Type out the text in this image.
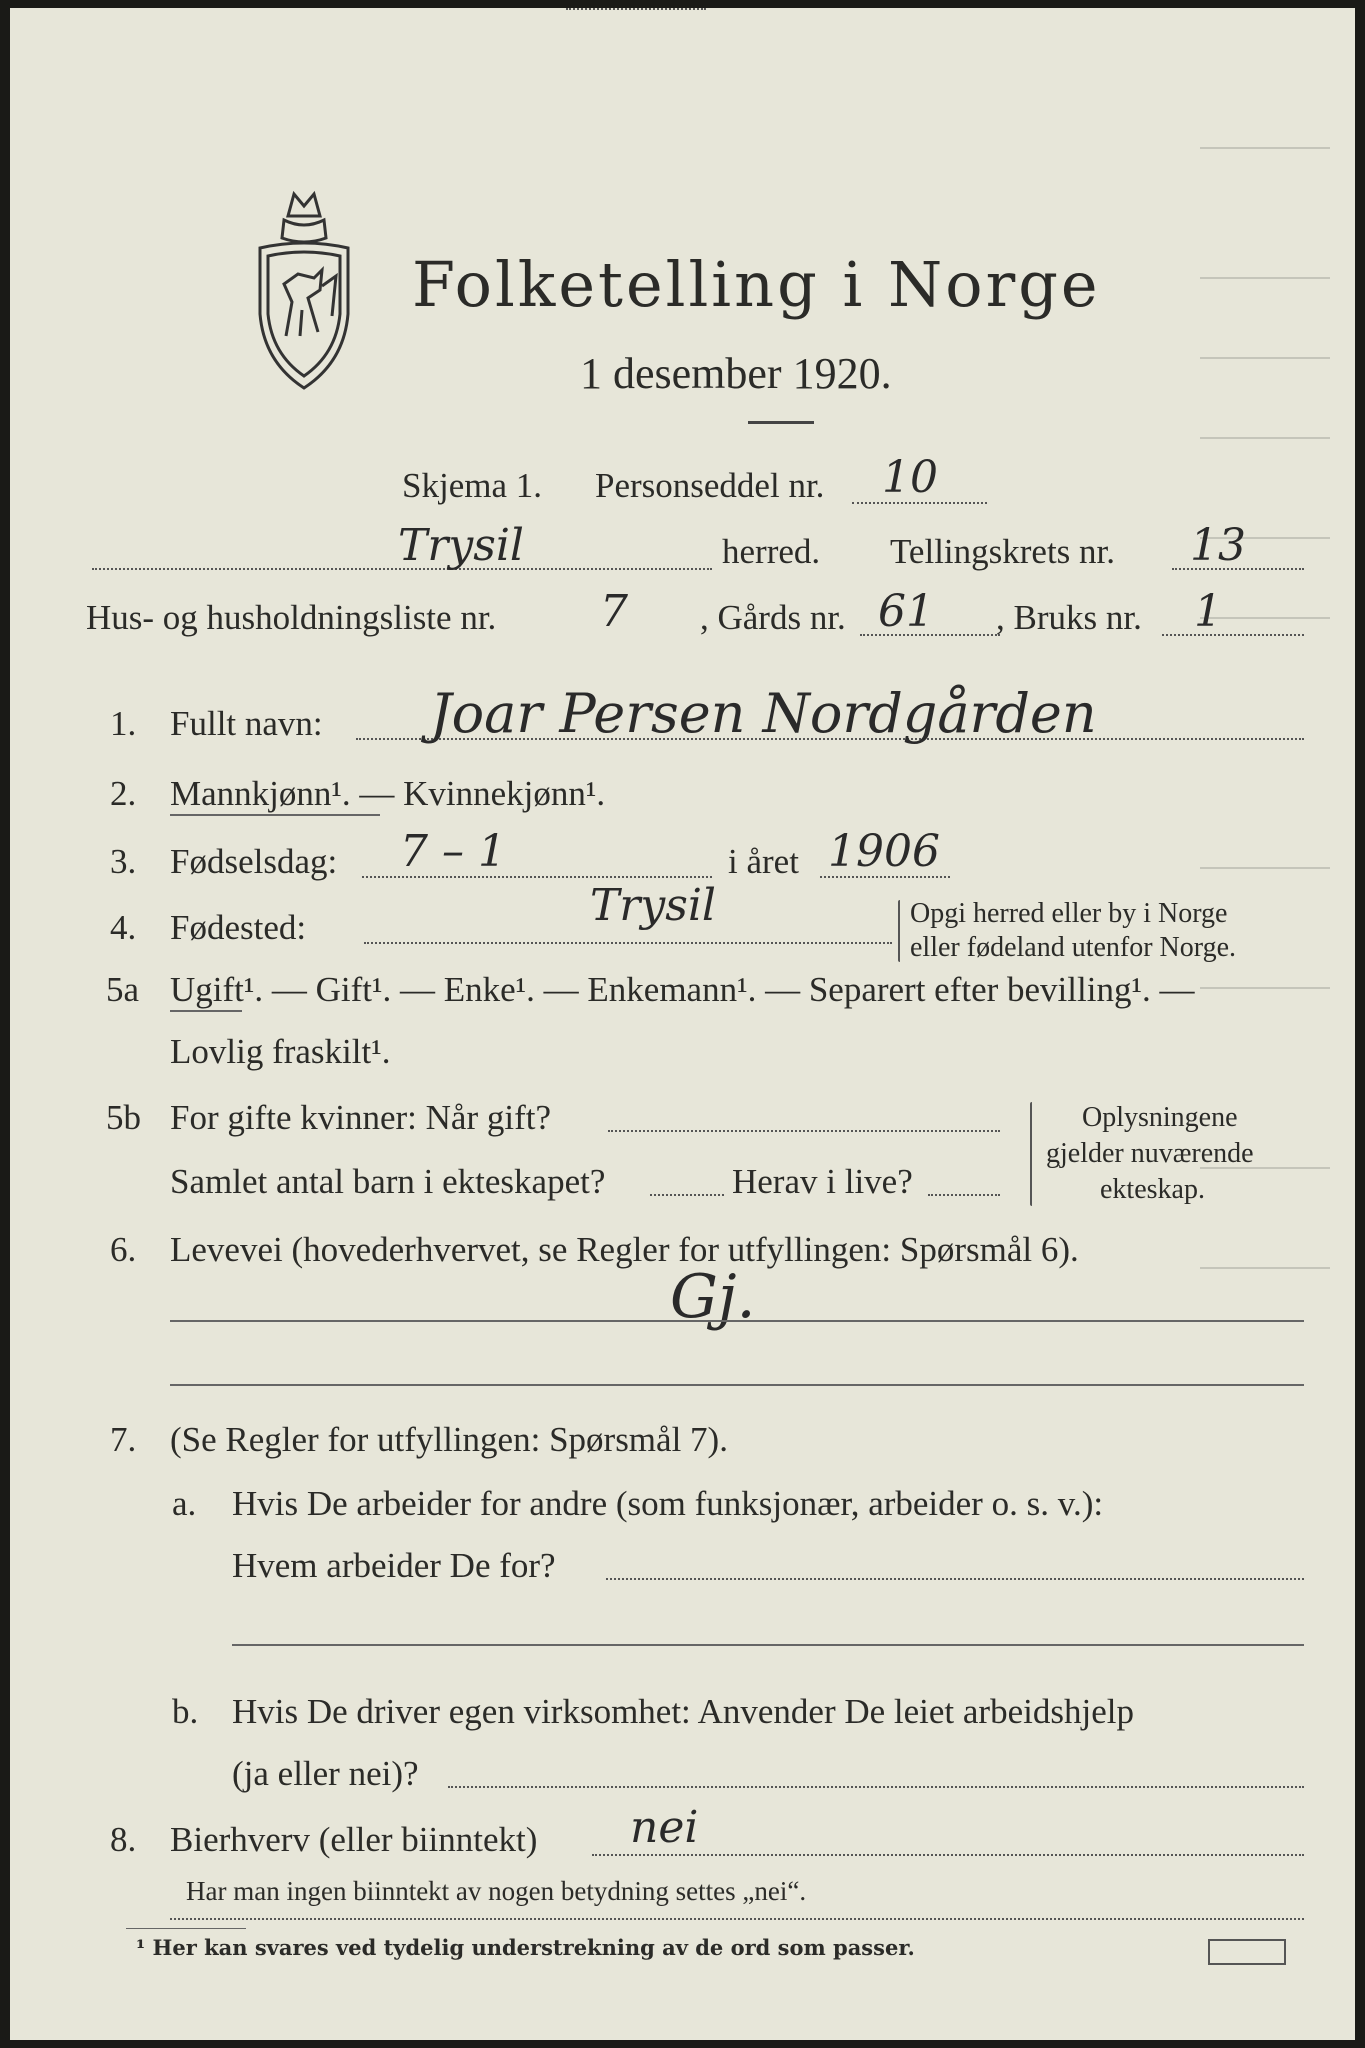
Folketelling i Norge
1 desember 1920.
Skjema 1. Personseddel nr. 10
Trysil	herred. Tellingskrets nr. 13
Hus- og husholdningsliste nr. 7 , Gårds nr. 61 , Bruks nr. 1
1. Fullt navn: Joar Persen Nordgården
2. Mannkjønn¹. — Kvinnekjønn¹.
3. Fødselsdag: 7 – 1	i året 1906
4. Fødested:	Trysil	Opgi herred eller by i Norge
eller fødeland utenfor Norge.
5a Ugift¹. — Gift¹. — Enke¹. — Enkemann¹. — Separert efter bevilling¹. —
Lovlig fraskilt¹.
5b For gifte kvinner: Når gift?
Samlet antal barn i ekteskapet?	Herav i live?
Oplysningene
gjelder nuværende
ekteskap.
6. Levevei (hovederhvervet, se Regler for utfyllingen: Spørsmål 6).
Gj.
7. (Se Regler for utfyllingen: Spørsmål 7).
a. Hvis De arbeider for andre (som funksjonær, arbeider o. s. v.):
Hvem arbeider De for?
b. Hvis De driver egen virksomhet: Anvender De leiet arbeidshjelp
(ja eller nei)?
8. Bierhverv (eller biinntekt) nei
Har man ingen biinntekt av nogen betydning settes „nei“.
¹ Her kan svares ved tydelig understrekning av de ord som passer.
